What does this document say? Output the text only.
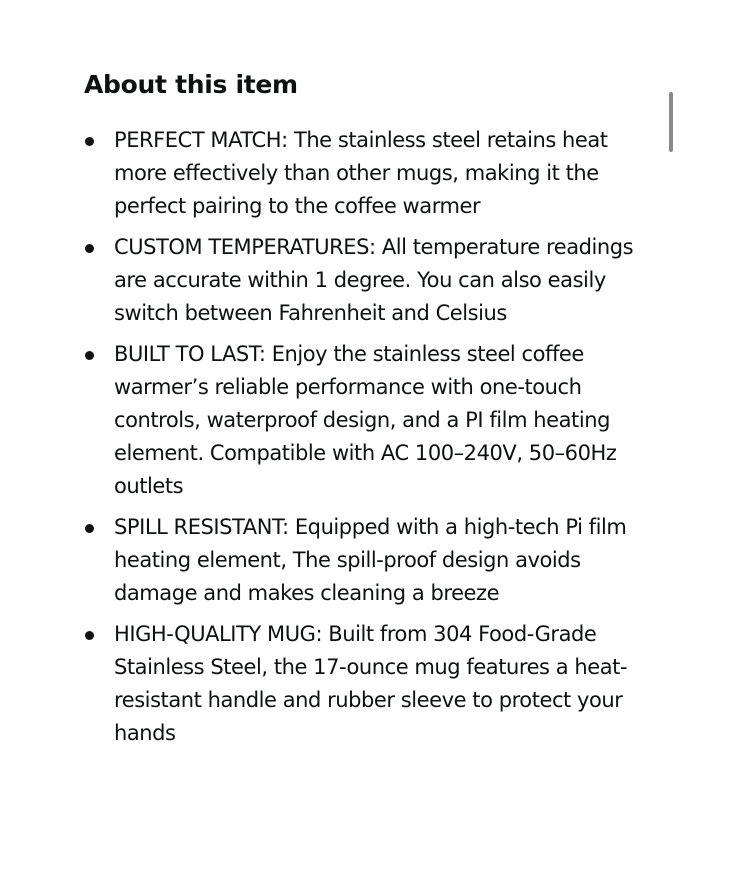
About this item
PERFECT MATCH: The stainless steel retains heat more effectively than other mugs, making it the perfect pairing to the coffee warmer
CUSTOM TEMPERATURES: All temperature readings are accurate within 1 degree. You can also easily switch between Fahrenheit and Celsius
BUILT TO LAST: Enjoy the stainless steel coffee warmer’s reliable performance with one-touch controls, waterproof design, and a PI film heating element. Compatible with AC 100–240V, 50–60Hz outlets
SPILL RESISTANT: Equipped with a high-tech Pi film heating element, The spill-proof design avoids damage and makes cleaning a breeze
HIGH-QUALITY MUG: Built from 304 Food-Grade Stainless Steel, the 17-ounce mug features a heat-resistant handle and rubber sleeve to protect your hands
